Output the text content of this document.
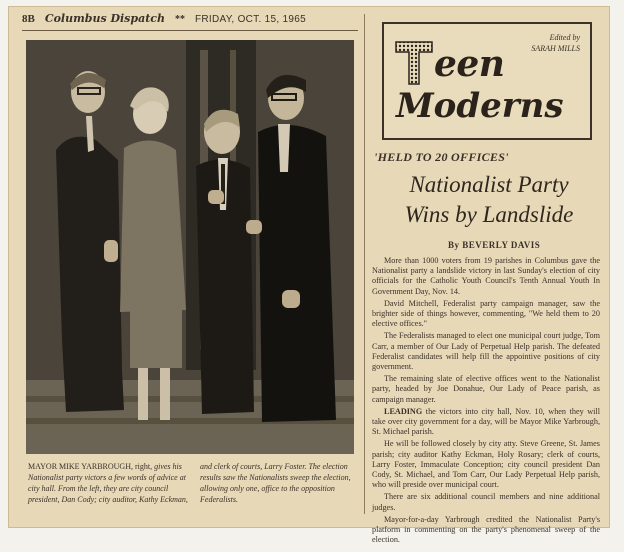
8B Columbus Dispatch ** FRIDAY, OCT. 15, 1965
MAYOR MIKE YARBROUGH, right, gives his Nationalist party victors a few words of advice at city hall. From the left, they are city council president, Dan Cody; city auditor, Kathy Eckman,
and clerk of courts, Larry Foster. The election results saw the Nationalists sweep the election, allowing only one, office to the opposition Federalists.
Edited by
SARAH MILLS
een
Moderns
'HELD TO 20 OFFICES'
Nationalist Party
Wins by Landslide
By BEVERLY DAVIS

More than 1000 voters from 19 parishes in Columbus gave the Nationalist party a landslide victory in last Sunday's election of city officials for the Catholic Youth Council's Tenth Annual Youth In Government Day, Nov. 14.

David Mitchell, Federalist party campaign manager, saw the brighter side of things however, commenting, "We held them to 20 elective offices."

The Federalists managed to elect one municipal court judge, Tom Carr, a member of Our Lady of Perpetual Help parish. The defeated Federalist candidates will help fill the appointive positions of city government.

The remaining slate of elective offices went to the Nationalist party, headed by Joe Donahue, Our Lady of Peace parish, as campaign manager.

LEADING the victors into city hall, Nov. 10, when they will take over city government for a day, will be Mayor Mike Yarbrough, St. Michael parish.

He will be followed closely by city atty. Steve Greene, St. James parish; city auditor Kathy Eckman, Holy Rosary; clerk of courts, Larry Foster, Immaculate Conception; city council president Dan Cody, St. Michael, and Tom Carr, Our Lady Perpetual Help parish, who will preside over municipal court.

There are six additional council members and nine additional judges.

Mayor-for-a-day Yarbrough credited the Nationalist Party's platform in commenting on the party's phenomenal sweep of the election.
